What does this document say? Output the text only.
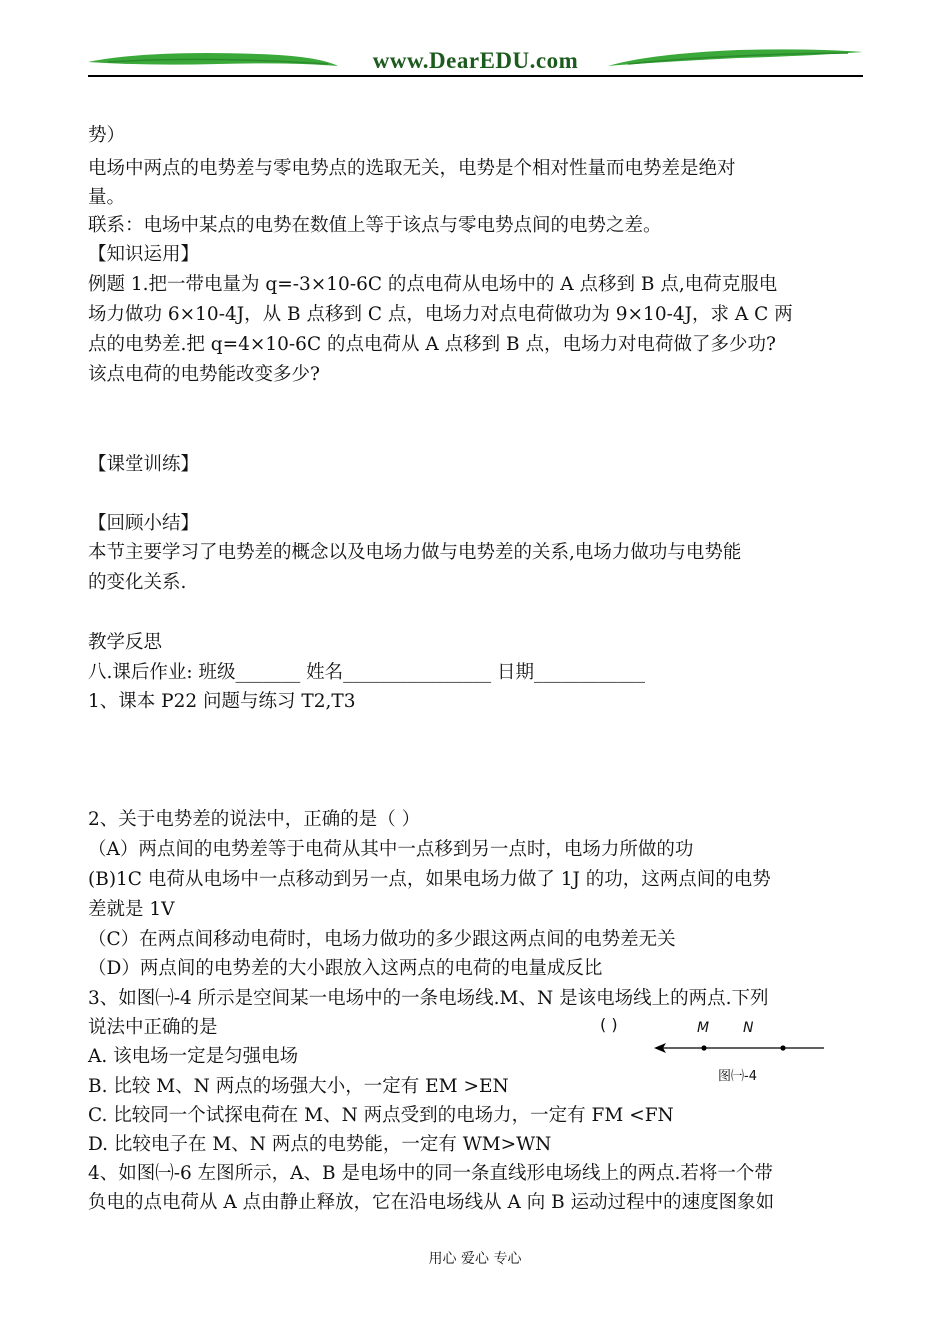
www.DearEDU.com
势）
电场中两点的电势差与零电势点的选取无关，电势是个相对性量而电势差是绝对
量。
联系：电场中某点的电势在数值上等于该点与零电势点间的电势之差。
【知识运用】
例题 1.把一带电量为 q=-3×10-6C 的点电荷从电场中的 A 点移到 B 点,电荷克服电
场力做功 6×10-4J，从 B 点移到 C 点，电场力对点电荷做功为 9×10-4J，求 A C 两
点的电势差.把 q=4×10-6C 的点电荷从 A 点移到 B 点，电场力对电荷做了多少功?
该点电荷的电势能改变多少?
【课堂训练】
【回顾小结】
本节主要学习了电势差的概念以及电场力做与电势差的关系,电场力做功与电势能
的变化关系.
教学反思
八.课后作业: 班级_______ 姓名________________ 日期____________
1、课本 P22 问题与练习 T2,T3
2、关于电势差的说法中，正确的是（ ）
（A）两点间的电势差等于电荷从其中一点移到另一点时，电场力所做的功
(B)1C 电荷从电场中一点移动到另一点，如果电场力做了 1J 的功，这两点间的电势
差就是 1V
（C）在两点间移动电荷时，电场力做功的多少跟这两点间的电势差无关
（D）两点间的电势差的大小跟放入这两点的电荷的电量成反比
3、如图㈠-4 所示是空间某一电场中的一条电场线.M、N 是该电场线上的两点.下列
说法中正确的是
A. 该电场一定是匀强电场
B. 比较 M、N 两点的场强大小，一定有 EM >EN
C. 比较同一个试探电荷在 M、N 两点受到的电场力，一定有 FM <FN
D. 比较电子在 M、N 两点的电势能，一定有 WM>WN
4、如图㈠-6 左图所示，A、B 是电场中的同一条直线形电场线上的两点.若将一个带
负电的点电荷从 A 点由静止释放，它在沿电场线从 A 向 B 运动过程中的速度图象如
( )	M N
图㈠-4
用心 爱心 专心
